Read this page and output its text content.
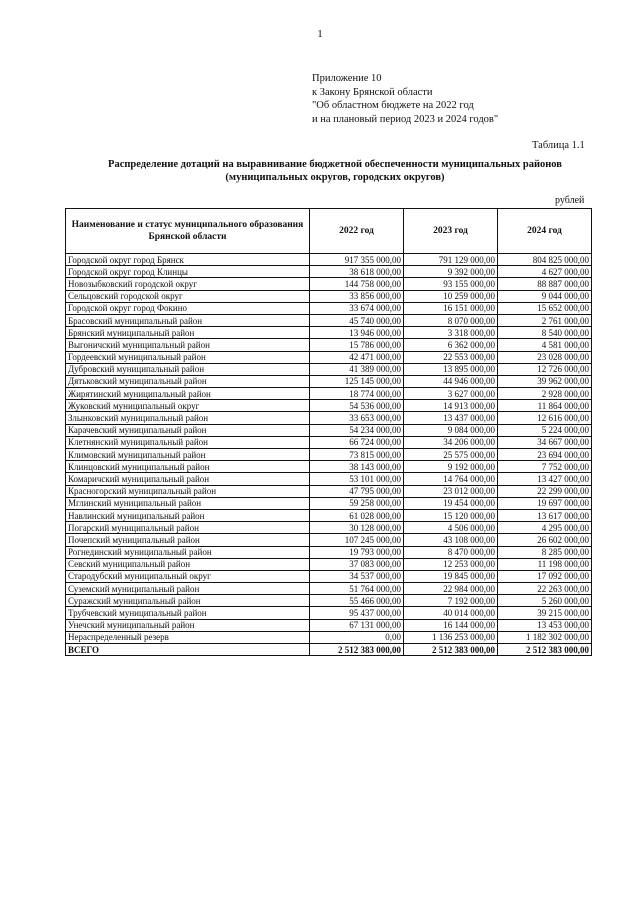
1
Приложение 10
к Закону Брянской области
"Об областном бюджете на 2022 год
и на плановый период 2023 и 2024 годов"
Таблица 1.1
Распределение дотаций на выравнивание бюджетной обеспеченности муниципальных районов
(муниципальных округов, городских округов)
рублей
Наименование и статус муниципального образования Брянской области	2022 год	2023 год	2024 год
Городской округ город Брянск	917 355 000,00	791 129 000,00	804 825 000,00
Городской округ город Клинцы	38 618 000,00	9 392 000,00	4 627 000,00
Новозыбковский городской округ	144 758 000,00	93 155 000,00	88 887 000,00
Сельцовский городской округ	33 856 000,00	10 259 000,00	9 044 000,00
Городской округ город Фокино	33 674 000,00	16 151 000,00	15 652 000,00
Брасовский муниципальный район	45 740 000,00	8 070 000,00	2 761 000,00
Брянский муниципальный район	13 946 000,00	3 318 000,00	8 540 000,00
Выгоничский муниципальный район	15 786 000,00	6 362 000,00	4 581 000,00
Гордеевский муниципальный район	42 471 000,00	22 553 000,00	23 028 000,00
Дубровский муниципальный район	41 389 000,00	13 895 000,00	12 726 000,00
Дятьковский муниципальный район	125 145 000,00	44 946 000,00	39 962 000,00
Жирятинский муниципальный район	18 774 000,00	3 627 000,00	2 928 000,00
Жуковский муниципальный округ	54 536 000,00	14 913 000,00	11 864 000,00
Злынковский муниципальный район	33 653 000,00	13 437 000,00	12 616 000,00
Карачевский муниципальный район	54 234 000,00	9 084 000,00	5 224 000,00
Клетнянский муниципальный район	66 724 000,00	34 206 000,00	34 667 000,00
Климовский муниципальный район	73 815 000,00	25 575 000,00	23 694 000,00
Клинцовский муниципальный район	38 143 000,00	9 192 000,00	7 752 000,00
Комаричский муниципальный район	53 101 000,00	14 764 000,00	13 427 000,00
Красногорский муниципальный район	47 795 000,00	23 012 000,00	22 299 000,00
Мглинский муниципальный район	59 258 000,00	19 454 000,00	19 697 000,00
Навлинский муниципальный район	61 028 000,00	15 120 000,00	13 617 000,00
Погарский муниципальный район	30 128 000,00	4 506 000,00	4 295 000,00
Почепский муниципальный район	107 245 000,00	43 108 000,00	26 602 000,00
Рогнединский муниципальный район	19 793 000,00	8 470 000,00	8 285 000,00
Севский муниципальный район	37 083 000,00	12 253 000,00	11 198 000,00
Стародубский муниципальный округ	34 537 000,00	19 845 000,00	17 092 000,00
Суземский муниципальный район	51 764 000,00	22 984 000,00	22 263 000,00
Суражский муниципальный район	55 466 000,00	7 192 000,00	5 260 000,00
Трубчевский муниципальный район	95 437 000,00	40 014 000,00	39 215 000,00
Унечский муниципальный район	67 131 000,00	16 144 000,00	13 453 000,00
Нераспределенный резерв	0,00	1 136 253 000,00	1 182 302 000,00
ВСЕГО	2 512 383 000,00	2 512 383 000,00	2 512 383 000,00
